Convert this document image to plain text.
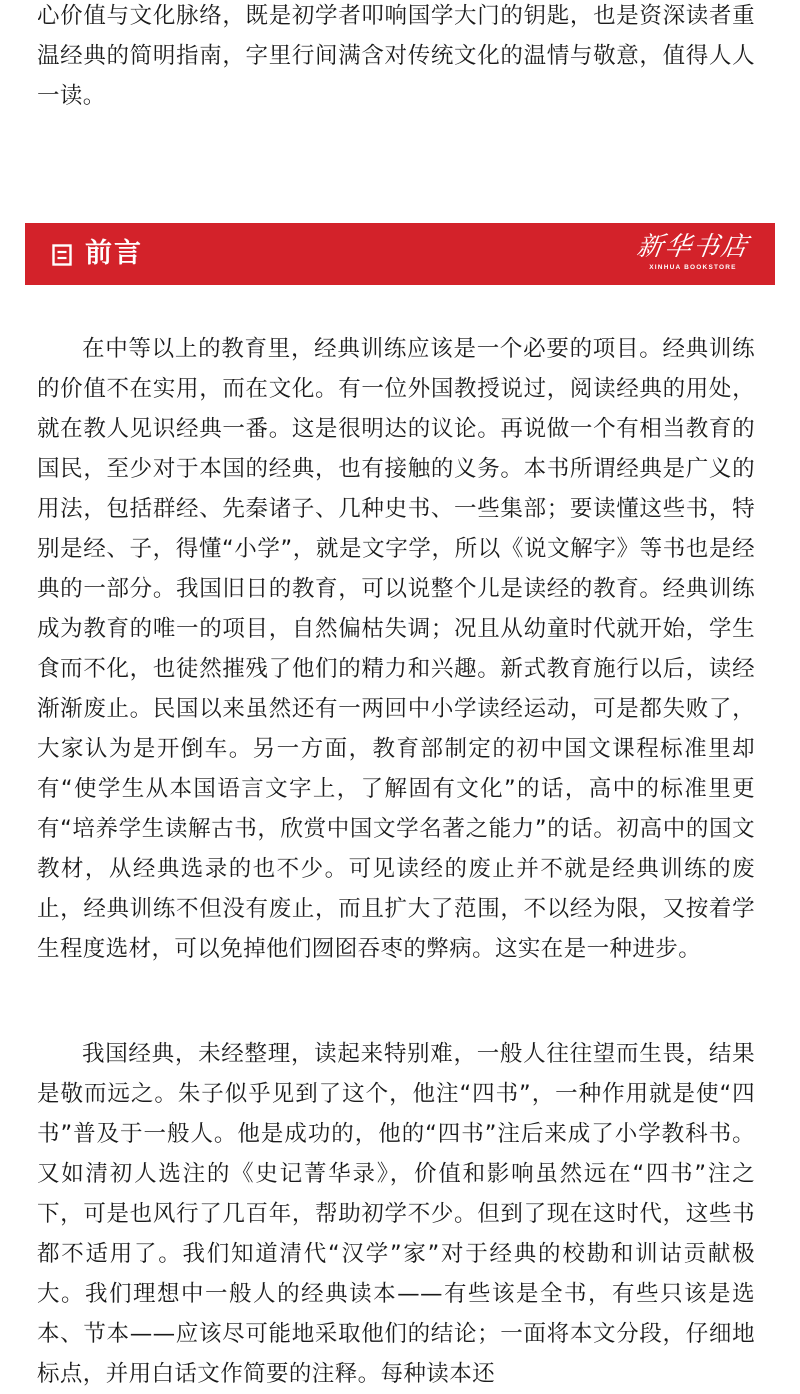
心价值与文化脉络，既是初学者叩响国学大门的钥匙，也是资深读者重温经典的简明指南，字里行间满含对传统文化的温情与敬意，值得人人一读。

前言	新华书店
XINHUA BOOKSTORE

在中等以上的教育里，经典训练应该是一个必要的项目。经典训练的价值不在实用，而在文化。有一位外国教授说过，阅读经典的用处，就在教人见识经典一番。这是很明达的议论。再说做一个有相当教育的国民，至少对于本国的经典，也有接触的义务。本书所谓经典是广义的用法，包括群经、先秦诸子、几种史书、一些集部；要读懂这些书，特别是经、子，得懂“小学”，就是文字学，所以《说文解字》等书也是经典的一部分。我国旧日的教育，可以说整个儿是读经的教育。经典训练成为教育的唯一的项目，自然偏枯失调；况且从幼童时代就开始，学生食而不化，也徒然摧残了他们的精力和兴趣。新式教育施行以后，读经渐渐废止。民国以来虽然还有一两回中小学读经运动，可是都失败了，大家认为是开倒车。另一方面，教育部制定的初中国文课程标准里却有“使学生从本国语言文字上，了解固有文化”的话，高中的标准里更有“培养学生读解古书，欣赏中国文学名著之能力”的话。初高中的国文教材，从经典选录的也不少。可见读经的废止并不就是经典训练的废止，经典训练不但没有废止，而且扩大了范围，不以经为限，又按着学生程度选材，可以免掉他们囫囵吞枣的弊病。这实在是一种进步。

我国经典，未经整理，读起来特别难，一般人往往望而生畏，结果是敬而远之。朱子似乎见到了这个，他注“四书”，一种作用就是使“四书”普及于一般人。他是成功的，他的“四书”注后来成了小学教科书。又如清初人选注的《史记菁华录》，价值和影响虽然远在“四书”注之下，可是也风行了几百年，帮助初学不少。但到了现在这时代，这些书都不适用了。我们知道清代“汉学”家”对于经典的校勘和训诂贡献极大。我们理想中一般人的经典读本——有些该是全书，有些只该是选本、节本——应该尽可能地采取他们的结论；一面将本文分段，仔细地标点，并用白话文作简要的注释。每种读本还
